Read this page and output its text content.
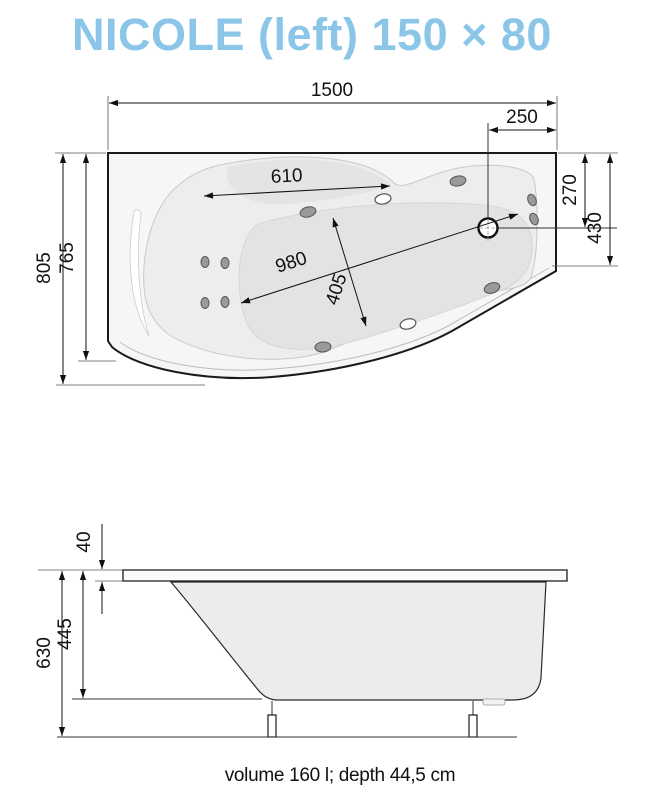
NICOLE (left) 150 × 80
1500
250
610
980
405
270
430
805 765
40
630
445
volume 160 l; depth 44,5 cm
